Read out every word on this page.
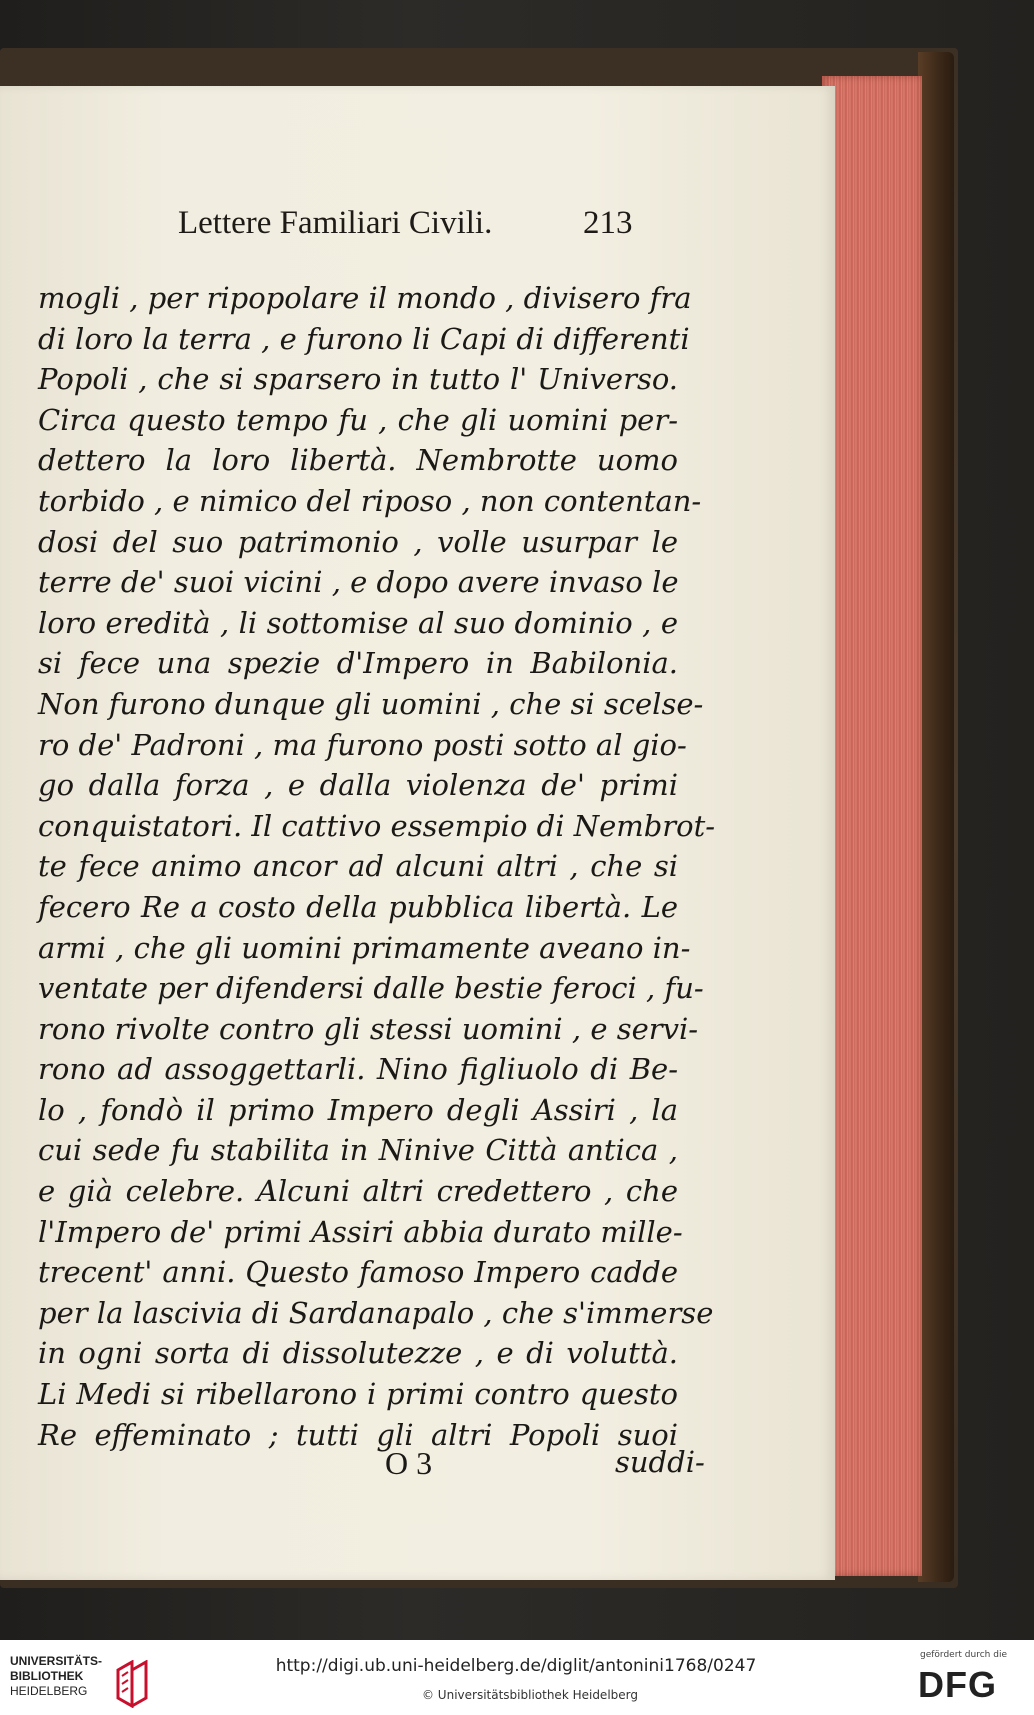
Lettere Familiari Civili.	213
mogli , per ripopolare il mondo , divisero fra
di loro la terra , e furono li Capi di differenti
Popoli , che si sparsero in tutto l' Universo.
Circa questo tempo fu , che gli uomini per-
dettero la loro libertà. Nembrotte uomo
torbido , e nimico del riposo , non contentan-
dosi del suo patrimonio , volle usurpar le
terre de' suoi vicini , e dopo avere invaso le
loro eredità , li sottomise al suo dominio , e
si fece una spezie d'Impero in Babilonia.
Non furono dunque gli uomini , che si scelse-
ro de' Padroni , ma furono posti sotto al gio-
go dalla forza , e dalla violenza de' primi
conquistatori. Il cattivo essempio di Nembrot-
te fece animo ancor ad alcuni altri , che si
fecero Re a costo della pubblica libertà. Le
armi , che gli uomini primamente aveano in-
ventate per difendersi dalle bestie feroci , fu-
rono rivolte contro gli stessi uomini , e servi-
rono ad assoggettarli. Nino figliuolo di Be-
lo , fondò il primo Impero degli Assiri , la
cui sede fu stabilita in Ninive Città antica ,
e già celebre. Alcuni altri credettero , che
l'Impero de' primi Assiri abbia durato mille-
trecent' anni. Questo famoso Impero cadde
per la lascivia di Sardanapalo , che s'immerse
in ogni sorta di dissolutezze , e di voluttà.
Li Medi si ribellarono i primi contro questo
Re effeminato ; tutti gli altri Popoli suoi
O 3	suddi-
UNIVERSITÄTS-
BIBLIOTHEK
HEIDELBERG
http://digi.ub.uni-heidelberg.de/diglit/antonini1768/0247
© Universitätsbibliothek Heidelberg
gefördert durch die
DFG
